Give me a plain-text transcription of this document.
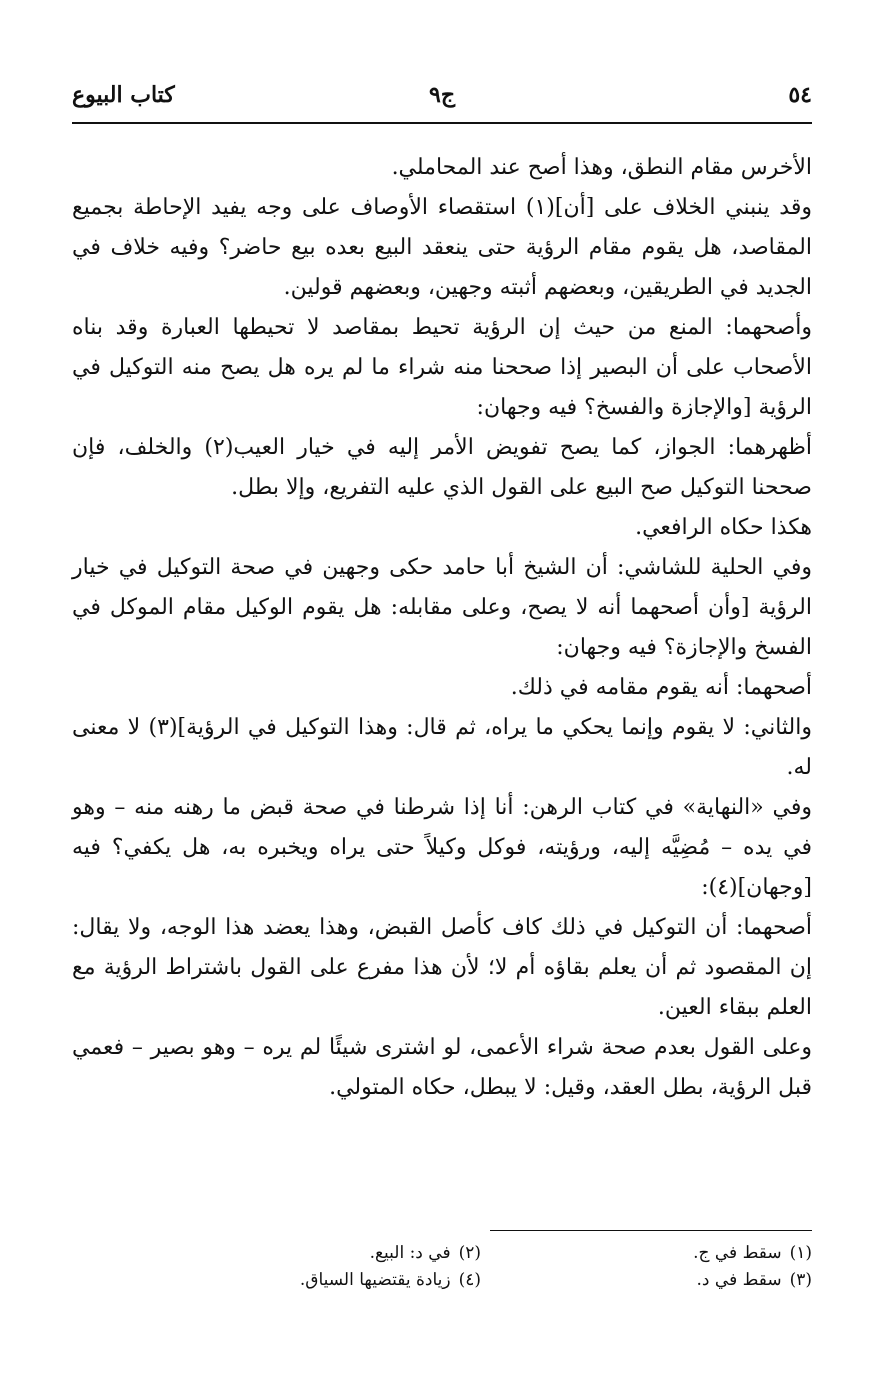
٥٤
ج٩
كتاب البيوع

الأخرس مقام النطق، وهذا أصح عند المحاملي.

وقد ينبني الخلاف على [أن](١) استقصاء الأوصاف على وجه يفيد الإحاطة بجميع المقاصد، هل يقوم مقام الرؤية حتى ينعقد البيع بعده بيع حاضر؟ وفيه خلاف في الجديد في الطريقين، وبعضهم أثبته وجهين، وبعضهم قولين.

وأصحهما: المنع من حيث إن الرؤية تحيط بمقاصد لا تحيطها العبارة وقد بناه الأصحاب على أن البصير إذا صححنا منه شراء ما لم يره هل يصح منه التوكيل في الرؤية [والإجازة والفسخ؟ فيه وجهان:

أظهرهما: الجواز، كما يصح تفويض الأمر إليه في خيار العيب(٢) والخلف، فإن صححنا التوكيل صح البيع على القول الذي عليه التفريع، وإلا بطل.

هكذا حكاه الرافعي.

وفي الحلية للشاشي: أن الشيخ أبا حامد حكى وجهين في صحة التوكيل في خيار الرؤية [وأن أصحهما أنه لا يصح، وعلى مقابله: هل يقوم الوكيل مقام الموكل في الفسخ والإجازة؟ فيه وجهان:

أصحهما: أنه يقوم مقامه في ذلك.

والثاني: لا يقوم وإنما يحكي ما يراه، ثم قال: وهذا التوكيل في الرؤية](٣) لا معنى له.

وفي «النهاية» في كتاب الرهن: أنا إذا شرطنا في صحة قبض ما رهنه منه – وهو في يده – مُضِيَّه إليه، ورؤيته، فوكل وكيلاً حتى يراه ويخبره به، هل يكفي؟ فيه [وجهان](٤):

أصحهما: أن التوكيل في ذلك كاف كأصل القبض، وهذا يعضد هذا الوجه، ولا يقال: إن المقصود ثم أن يعلم بقاؤه أم لا؛ لأن هذا مفرع على القول باشتراط الرؤية مع العلم ببقاء العين.

وعلى القول بعدم صحة شراء الأعمى، لو اشترى شيئًا لم يره – وهو بصير – فعمي قبل الرؤية، بطل العقد، وقيل: لا يبطل، حكاه المتولي.

(١)سقط في ج.
(٢)في د: البيع.
(٣)سقط في د.
(٤)زيادة يقتضيها السياق.
